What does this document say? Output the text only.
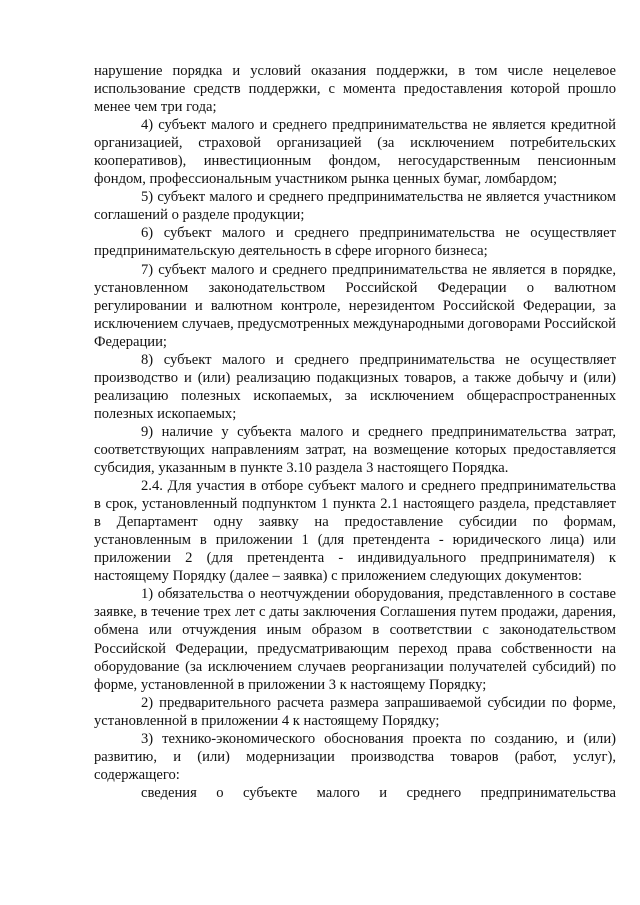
нарушение порядка и условий оказания поддержки, в том числе нецелевое использование средств поддержки, с момента предоставления которой прошло менее чем три года;

4) субъект малого и среднего предпринимательства не является кредитной организацией, страховой организацией (за исключением потребительских кооперативов), инвестиционным фондом, негосударственным пенсионным фондом, профессиональным участником рынка ценных бумаг, ломбардом;

5) субъект малого и среднего предпринимательства не является участником соглашений о разделе продукции;

6) субъект малого и среднего предпринимательства не осуществляет предпринимательскую деятельность в сфере игорного бизнеса;

7) субъект малого и среднего предпринимательства не является в порядке, установленном законодательством Российской Федерации о валютном регулировании и валютном контроле, нерезидентом Российской Федерации, за исключением случаев, предусмотренных международными договорами Российской Федерации;

8) субъект малого и среднего предпринимательства не осуществляет производство и (или) реализацию подакцизных товаров, а также добычу и (или) реализацию полезных ископаемых, за исключением общераспространенных полезных ископаемых;

9) наличие у субъекта малого и среднего предпринимательства затрат, соответствующих направлениям затрат, на возмещение которых предоставляется субсидия, указанным в пункте 3.10 раздела 3 настоящего Порядка.

2.4. Для участия в отборе субъект малого и среднего предпринимательства в срок, установленный подпунктом 1 пункта 2.1 настоящего раздела, представляет в Департамент одну заявку на предоставление субсидии по формам, установленным в приложении 1 (для претендента - юридического лица) или приложении 2 (для претендента - индивидуального предпринимателя) к настоящему Порядку (далее – заявка) с приложением следующих документов:

1) обязательства о неотчуждении оборудования, представленного в составе заявке, в течение трех лет с даты заключения Соглашения путем продажи, дарения, обмена или отчуждения иным образом в соответствии с законодательством Российской Федерации, предусматривающим переход права собственности на оборудование (за исключением случаев реорганизации получателей субсидий) по форме, установленной в приложении 3 к настоящему Порядку;

2) предварительного расчета размера запрашиваемой субсидии по форме, установленной в приложении 4 к настоящему Порядку;

3) технико-экономического обоснования проекта по созданию, и (или) развитию, и (или) модернизации производства товаров (работ, услуг), содержащего:

сведения о субъекте малого и среднего предпринимательства
